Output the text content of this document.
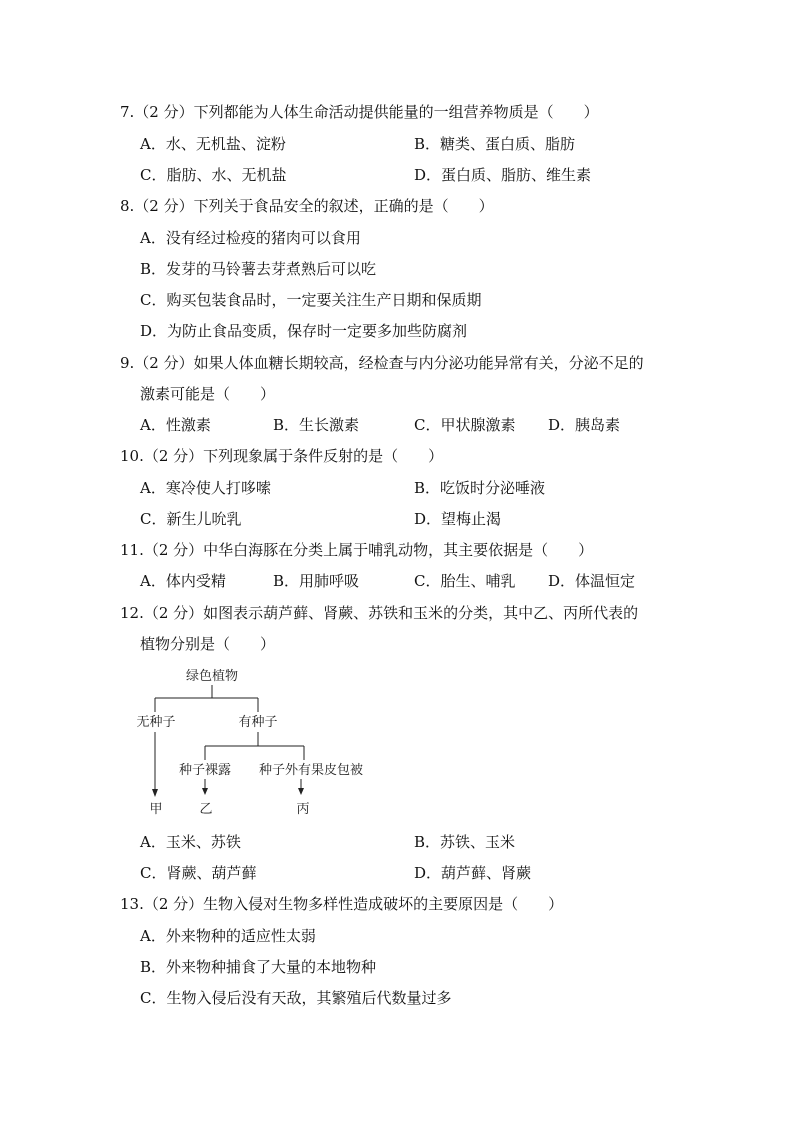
7.（2 分）下列都能为人体生命活动提供能量的一组营养物质是（　　）
A．水、无机盐、淀粉	B．糖类、蛋白质、脂肪
C．脂肪、水、无机盐	D．蛋白质、脂肪、维生素
8.（2 分）下列关于食品安全的叙述，正确的是（　　）
A．没有经过检疫的猪肉可以食用
B．发芽的马铃薯去芽煮熟后可以吃
C．购买包装食品时，一定要关注生产日期和保质期
D．为防止食品变质，保存时一定要多加些防腐剂
9.（2 分）如果人体血糖长期较高，经检查与内分泌功能异常有关，分泌不足的
激素可能是（　　）
A．性激素	B．生长激素	C．甲状腺激素 D．胰岛素
10.（2 分）下列现象属于条件反射的是（　　）
A．寒冷使人打哆嗦	B．吃饭时分泌唾液
C．新生儿吮乳	D．望梅止渴
11.（2 分）中华白海豚在分类上属于哺乳动物，其主要依据是（　　）
A．体内受精	B．用肺呼吸	C．胎生、哺乳 D．体温恒定
12.（2 分）如图表示葫芦藓、肾蕨、苏铁和玉米的分类，其中乙、丙所代表的
植物分别是（　　）
绿色植物
无种子	有种子
种子裸露 种子外有果皮包被
甲	乙	丙
A．玉米、苏铁	B．苏铁、玉米
C．肾蕨、葫芦藓	D．葫芦藓、肾蕨
13.（2 分）生物入侵对生物多样性造成破坏的主要原因是（　　）
A．外来物种的适应性太弱
B．外来物种捕食了大量的本地物种
C．生物入侵后没有天敌，其繁殖后代数量过多
